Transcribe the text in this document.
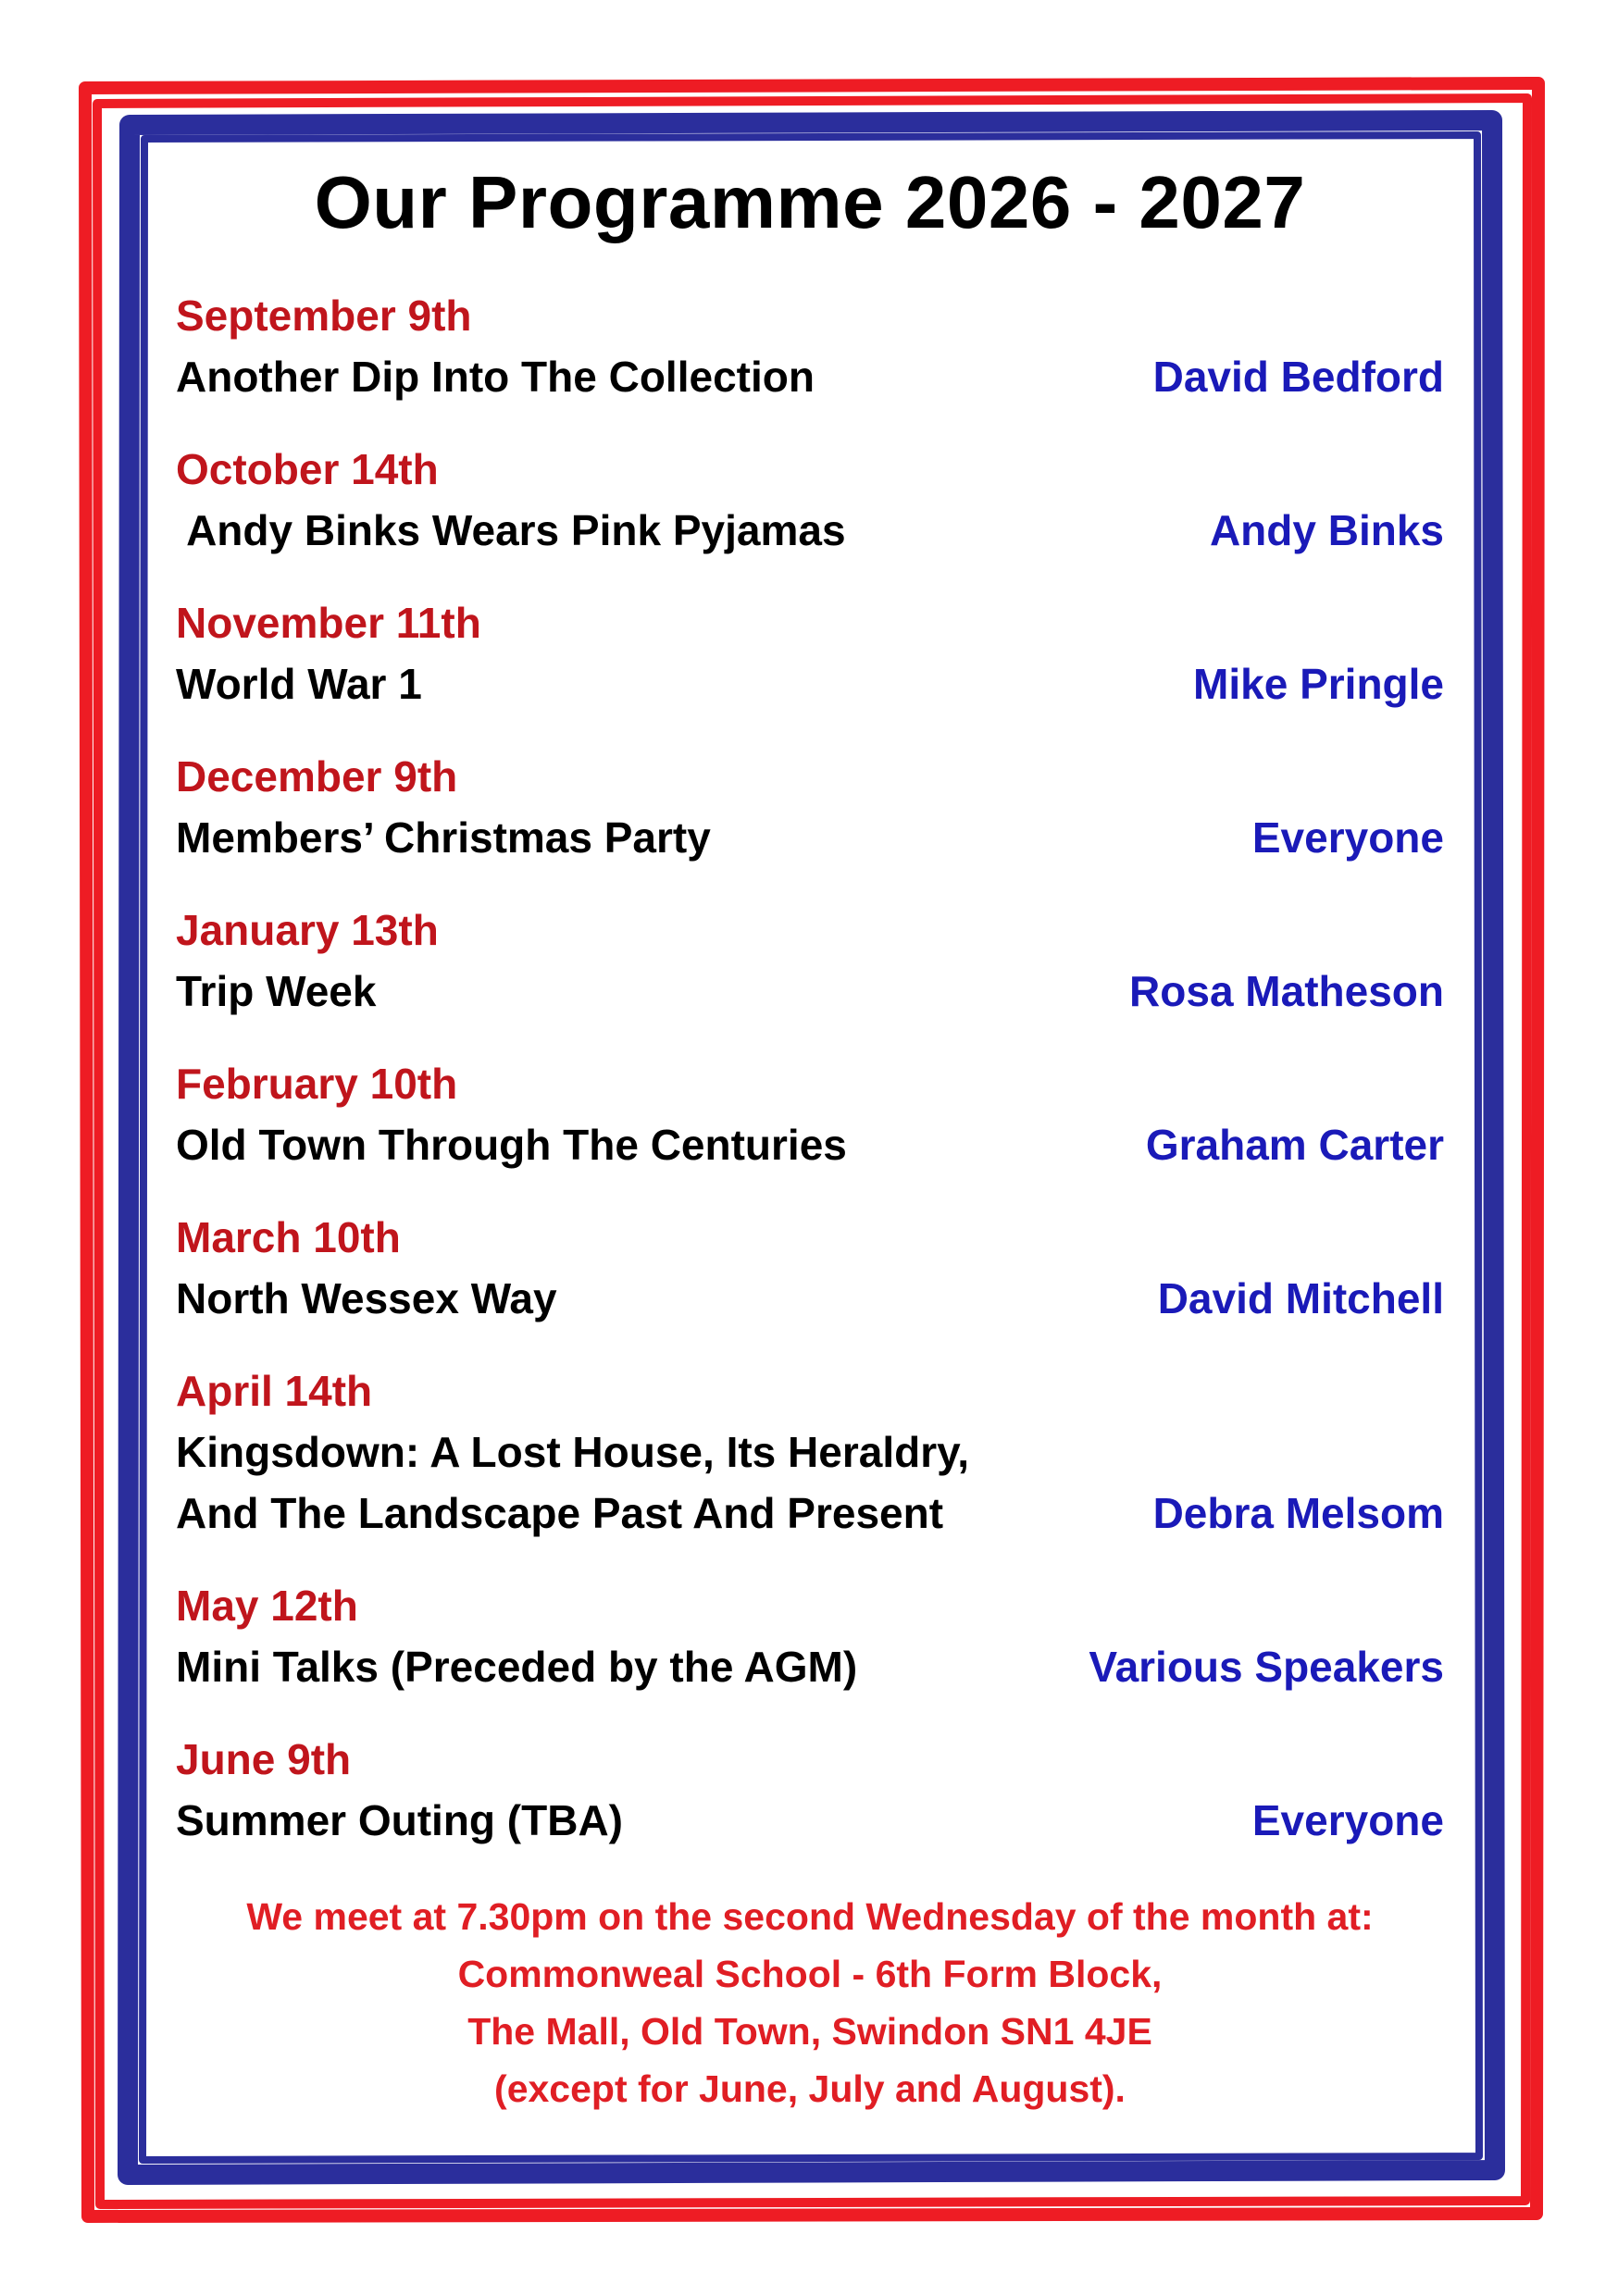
Our Programme 2026 - 2027
September 9th
Another Dip Into The Collection	David Bedford
October 14th
Andy Binks Wears Pink Pyjamas	Andy Binks
November 11th
World War 1	Mike Pringle
December 9th
Members’ Christmas Party	Everyone
January 13th
Trip Week	Rosa Matheson
February 10th
Old Town Through The Centuries	Graham Carter
March 10th
North Wessex Way	David Mitchell
April 14th
Kingsdown: A Lost House, Its Heraldry,
And The Landscape Past And Present	Debra Melsom
May 12th
Mini Talks (Preceded by the AGM)	Various Speakers
June 9th
Summer Outing (TBA)	Everyone
We meet at 7.30pm on the second Wednesday of the month at:
Commonweal School - 6th Form Block,
The Mall, Old Town, Swindon SN1 4JE
(except for June, July and August).
